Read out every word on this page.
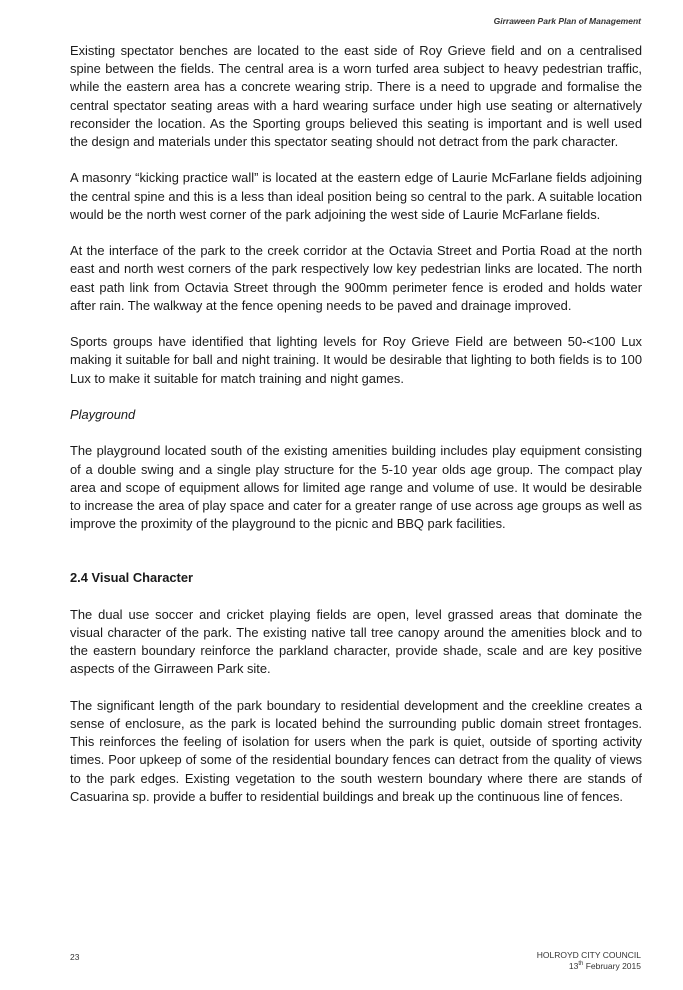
Girraween Park Plan of Management

Existing spectator benches are located to the east side of Roy Grieve field and on a centralised spine between the fields. The central area is a worn turfed area subject to heavy pedestrian traffic, while the eastern area has a concrete wearing strip. There is a need to upgrade and formalise the central spectator seating areas with a hard wearing surface under high use seating or alternatively reconsider the location. As the Sporting groups believed this seating is important and is well used the design and materials under this spectator seating should not detract from the park character.

A masonry “kicking practice wall” is located at the eastern edge of Laurie McFarlane fields adjoining the central spine and this is a less than ideal position being so central to the park. A suitable location would be the north west corner of the park adjoining the west side of Laurie McFarlane fields.

At the interface of the park to the creek corridor at the Octavia Street and Portia Road at the north east and north west corners of the park respectively low key pedestrian links are located. The north east path link from Octavia Street through the 900mm perimeter fence is eroded and holds water after rain. The walkway at the fence opening needs to be paved and drainage improved.

Sports groups have identified that lighting levels for Roy Grieve Field are between 50-<100 Lux making it suitable for ball and night training. It would be desirable that lighting to both fields is to 100 Lux to make it suitable for match training and night games.

Playground

The playground located south of the existing amenities building includes play equipment consisting of a double swing and a single play structure for the 5-10 year olds age group. The compact play area and scope of equipment allows for limited age range and volume of use. It would be desirable to increase the area of play space and cater for a greater range of use across age groups as well as improve the proximity of the playground to the picnic and BBQ park facilities.

2.4 Visual Character

The dual use soccer and cricket playing fields are open, level grassed areas that dominate the visual character of the park. The existing native tall tree canopy around the amenities block and to the eastern boundary reinforce the parkland character, provide shade, scale and are key positive aspects of the Girraween Park site.

The significant length of the park boundary to residential development and the creekline creates a sense of enclosure, as the park is located behind the surrounding public domain street frontages. This reinforces the feeling of isolation for users when the park is quiet, outside of sporting activity times. Poor upkeep of some of the residential boundary fences can detract from the quality of views to the park edges. Existing vegetation to the south western boundary where there are stands of Casuarina sp. provide a buffer to residential buildings and break up the continuous line of fences.

23	HOLROYD CITY COUNCIL
13th February 2015
